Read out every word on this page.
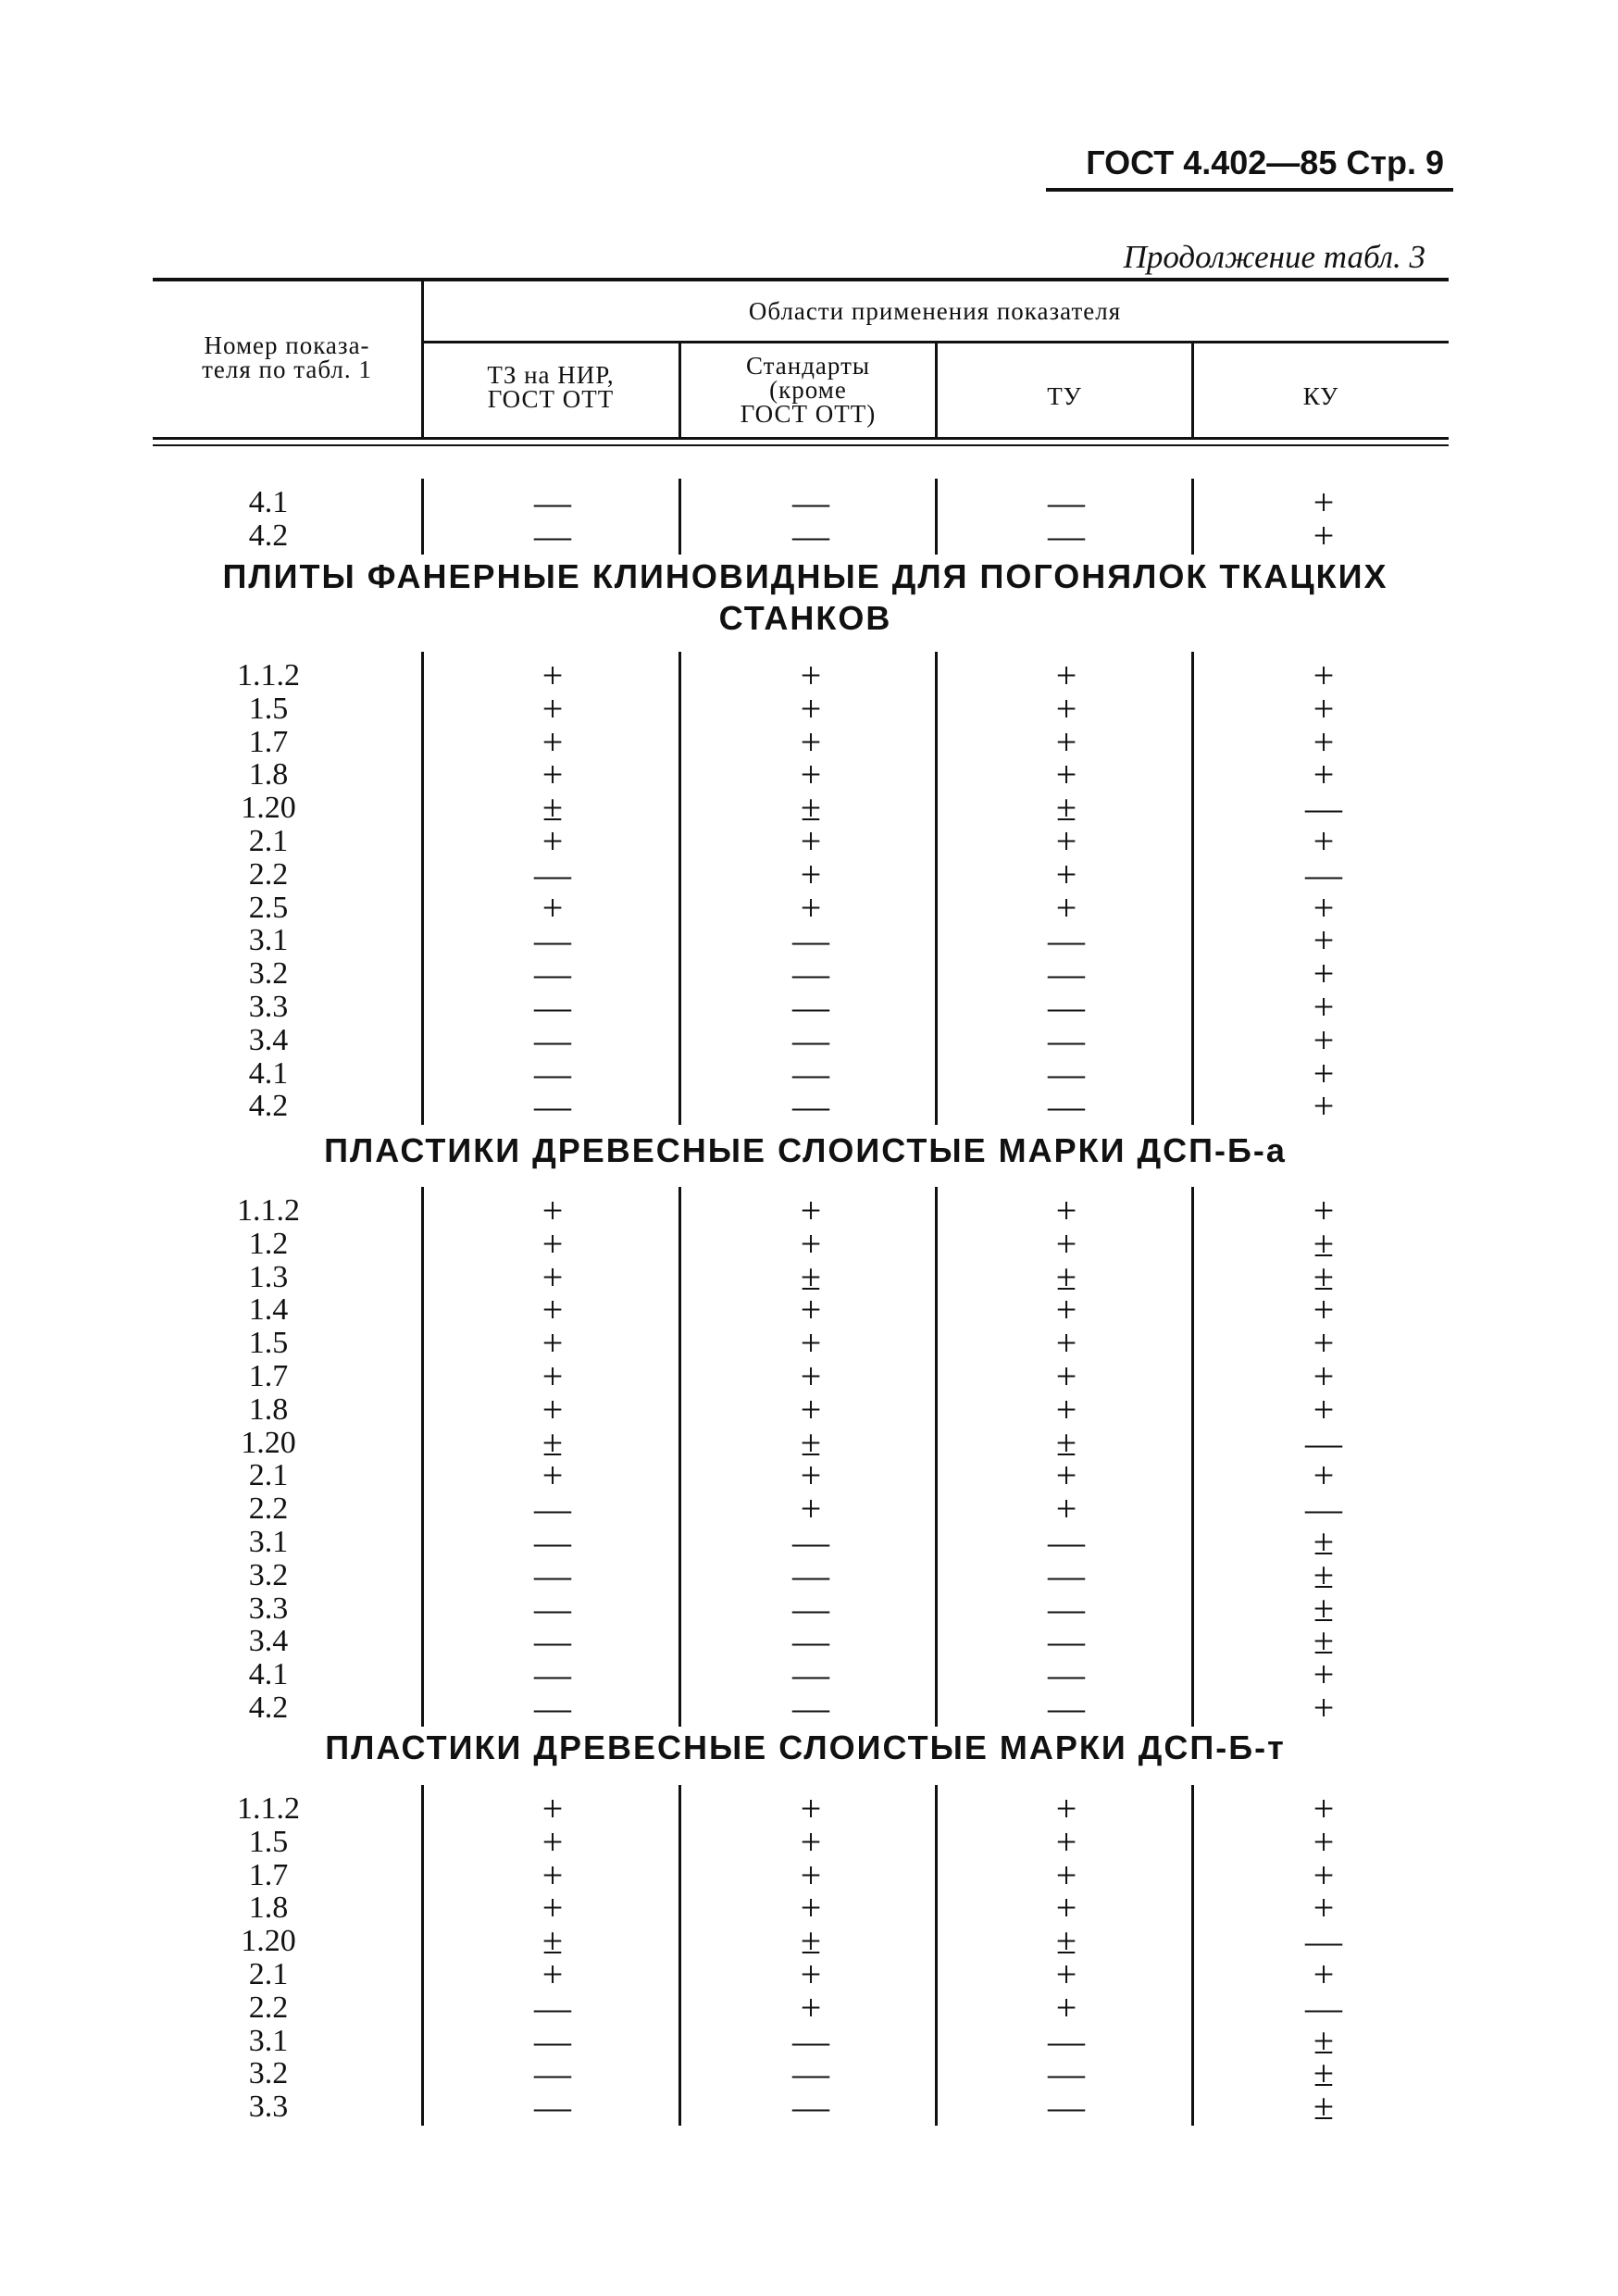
ГОСТ 4.402—85 Стр. 9
Продолжение табл. 3
Номер показа-
теля по табл. 1
Области применения показателя
ТЗ на НИР,
ГОСТ ОТТ
Стандарты
(кроме
ГОСТ ОТТ)
ТУ	КУ
4.1	—	—	—	+
4.2	—	—	—	+
ПЛИТЫ ФАНЕРНЫЕ КЛИНОВИДНЫЕ ДЛЯ ПОГОНЯЛОК ТКАЦКИХ
СТАНКОВ
1.1.2	+	+	+	+
1.5	+	+	+	+
1.7	+	+	+	+
1.8	+	+	+	+
1.20	±	±	±	—
2.1	+	+	+	+
2.2	—	+	+	—
2.5	+	+	+	+
3.1	—	—	—	+
3.2	—	—	—	+
3.3	—	—	—	+
3.4	—	—	—	+
4.1	—	—	—	+
4.2	—	—	—	+
ПЛАСТИКИ ДРЕВЕСНЫЕ СЛОИСТЫЕ МАРКИ ДСП-Б-а
1.1.2	+	+	+	+
1.2	+	+	+	±
1.3	+	±	±	±
1.4	+	+	+	+
1.5	+	+	+	+
1.7	+	+	+	+
1.8	+	+	+	+
1.20	±	±	±	—
2.1	+	+	+	+
2.2	—	+	+	—
3.1	—	—	—	±
3.2	—	—	—	±
3.3	—	—	—	±
3.4	—	—	—	±
4.1	—	—	—	+
4.2	—	—	—	+
ПЛАСТИКИ ДРЕВЕСНЫЕ СЛОИСТЫЕ МАРКИ ДСП-Б-т
1.1.2	+	+	+	+
1.5	+	+	+	+
1.7	+	+	+	+
1.8	+	+	+	+
1.20	±	±	±	—
2.1	+	+	+	+
2.2	—	+	+	—
3.1	—	—	—	±
3.2	—	—	—	±
3.3	—	—	—	±
